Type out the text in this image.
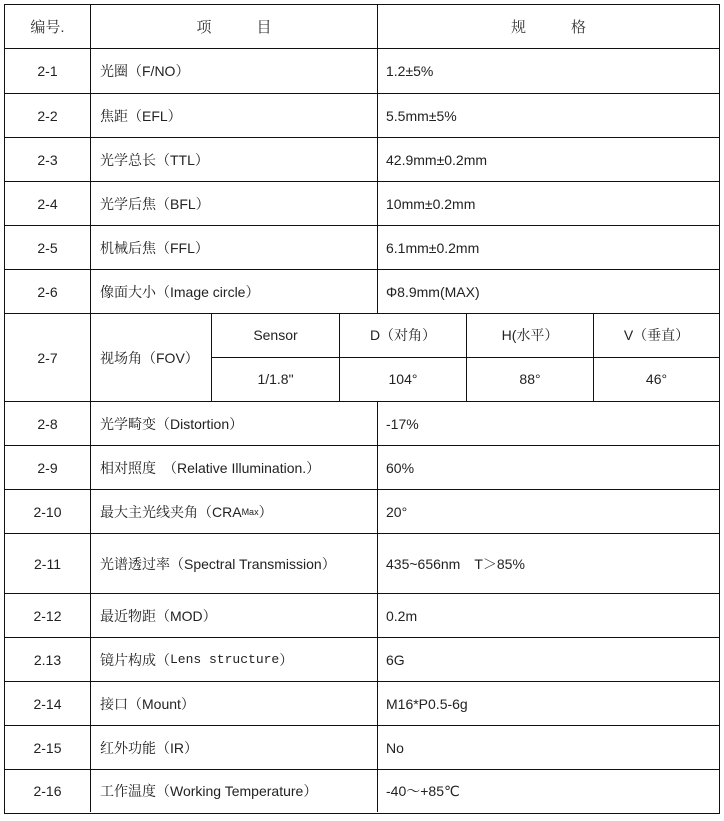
编号.	项　　　目	规　　　格
2-1	光圈（F/NO）	1.2±5%
2-2	焦距（EFL）	5.5mm±5%
2-3	光学总长（TTL）	42.9mm±0.2mm
2-4	光学后焦（BFL）	10mm±0.2mm
2-5	机械后焦（FFL）	6.1mm±0.2mm
2-6	像面大小（Image circle）	Φ8.9mm(MAX)
2-7	视场角（FOV）
Sensor	D（对角）	H(水平）	V（垂直）
1/1.8"	104°	88°	46°
2-8	光学畸变（Distortion）	-17%
2-9	相对照度　（Relative Illumination.）	60%
2-10	最大主光线夹角（CRA Max ）	20°
2-11	光谱透过率（Spectral Transmission）	435~656nm　T＞85%
2-12	最近物距（MOD）	0.2m
2.13	镜片构成（ Lens structure ）	6G
2-14	接口（Mount）	M16*P0.5-6g
2-15	红外功能（IR）	No
2-16	工作温度（Working Temperature）	-40～+85℃
